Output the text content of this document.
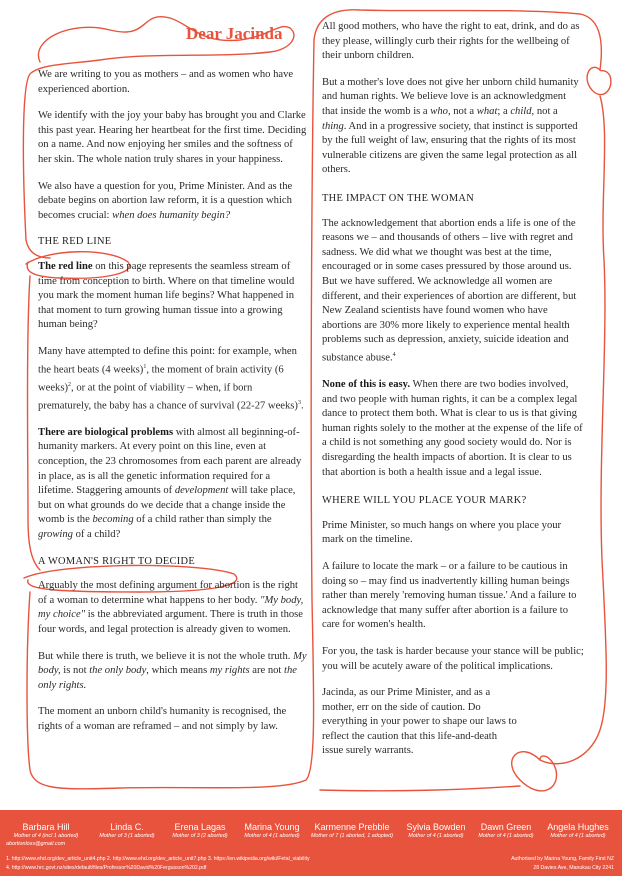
Dear Jacinda

We are writing to you as mothers – and as women who have experienced abortion.

We identify with the joy your baby has brought you and Clarke this past year. Hearing her heartbeat for the first time. Deciding on a name. And now enjoying her smiles and the softness of her skin. The whole nation truly shares in your happiness.

We also have a question for you, Prime Minister. And as the debate begins on abortion law reform, it is a question which becomes crucial: when does humanity begin?

THE RED LINE

The red line on this page represents the seamless stream of time from conception to birth. Where on that timeline would you mark the moment human life begins? What happened in that moment to turn growing human tissue into a growing human being?

Many have attempted to define this point: for example, when the heart beats (4 weeks)$^1$, the moment of brain activity (6 weeks)$^2$, or at the point of viability – when, if born prematurely, the baby has a chance of survival (22-27 weeks)$^3$.

There are biological problems with almost all beginning-of-humanity markers. At every point on this line, even at conception, the 23 chromosomes from each parent are already in place, as is all the genetic information required for a lifetime. Staggering amounts of development will take place, but on what grounds do we decide that a change inside the womb is the becoming of a child rather than simply the growing of a child?

A WOMAN'S RIGHT TO DECIDE

Arguably the most defining argument for abortion is the right of a woman to determine what happens to her body. "My body, my choice" is the abbreviated argument. There is truth in those four words, and legal protection is already given to women.

But while there is truth, we believe it is not the whole truth. My body, is not the only body, which means my rights are not the only rights.

The moment an unborn child's humanity is recognised, the rights of a woman are reframed – and not simply by law.

All good mothers, who have the right to eat, drink, and do as they please, willingly curb their rights for the wellbeing of their unborn children.

But a mother's love does not give her unborn child humanity and human rights. We believe love is an acknowledgment that inside the womb is a who, not a what; a child, not a thing. And in a progressive society, that instinct is supported by the full weight of law, ensuring that the rights of its most vulnerable citizens are given the same legal protection as all others.

THE IMPACT ON THE WOMAN

The acknowledgement that abortion ends a life is one of the reasons we – and thousands of others – live with regret and sadness. We did what we thought was best at the time, encouraged or in some cases pressured by those around us. But we have suffered. We acknowledge all women are different, and their experiences of abortion are different, but New Zealand scientists have found women who have abortions are 30% more likely to experience mental health problems such as depression, anxiety, suicide ideation and substance abuse.$^4$

None of this is easy. When there are two bodies involved, and two people with human rights, it can be a complex legal dance to protect them both. What is clear to us is that giving human rights solely to the mother at the expense of the life of a child is not something any good society would do. Nor is disregarding the health impacts of abortion. It is clear to us that abortion is both a health issue and a legal issue.

WHERE WILL YOU PLACE YOUR MARK?

Prime Minister, so much hangs on where you place your mark on the timeline.

A failure to locate the mark – or a failure to be cautious in doing so – may find us inadvertently killing human beings rather than merely 'removing human tissue.' And a failure to acknowledge that many suffer after abortion is a failure to care for women's health.

For you, the task is harder because your stance will be public; you will be acutely aware of the political implications.

Jacinda, as our Prime Minister, and as a mother, err on the side of caution. Do everything in your power to shape our laws to reflect the caution that this life-and-death issue surely warrants.

Barbara Hill
Mother of 4 (incl 1 aborted)
Linda C.
Mother of 3 (1 aborted)
Erena Lagas
Mother of 3 (2 aborted)
Marina Young
Mother of 4 (1 aborted)
Karmenne Prebble
Mother of 7 (1 aborted, 1 adopted)
Sylvia Bowden
Mother of 4 (1 aborted)
Dawn Green
Mother of 4 (1 aborted)
Angela Hughes
Mother of 4 (1 aborted)
abortionloss@gmail.com
1. http://www.ehd.org/dev_article_unit4.php 2. http://www.ehd.org/dev_article_unit7.php 3. https://en.wikipedia.org/wiki/Fetal_viability
4. http://www.hrc.govt.nz/sites/default/files/Professor%20David%20Fergusson%202.pdf
Authorised by Marina Young, Family First NZ
28 Davies Ave, Manukau City 2241
